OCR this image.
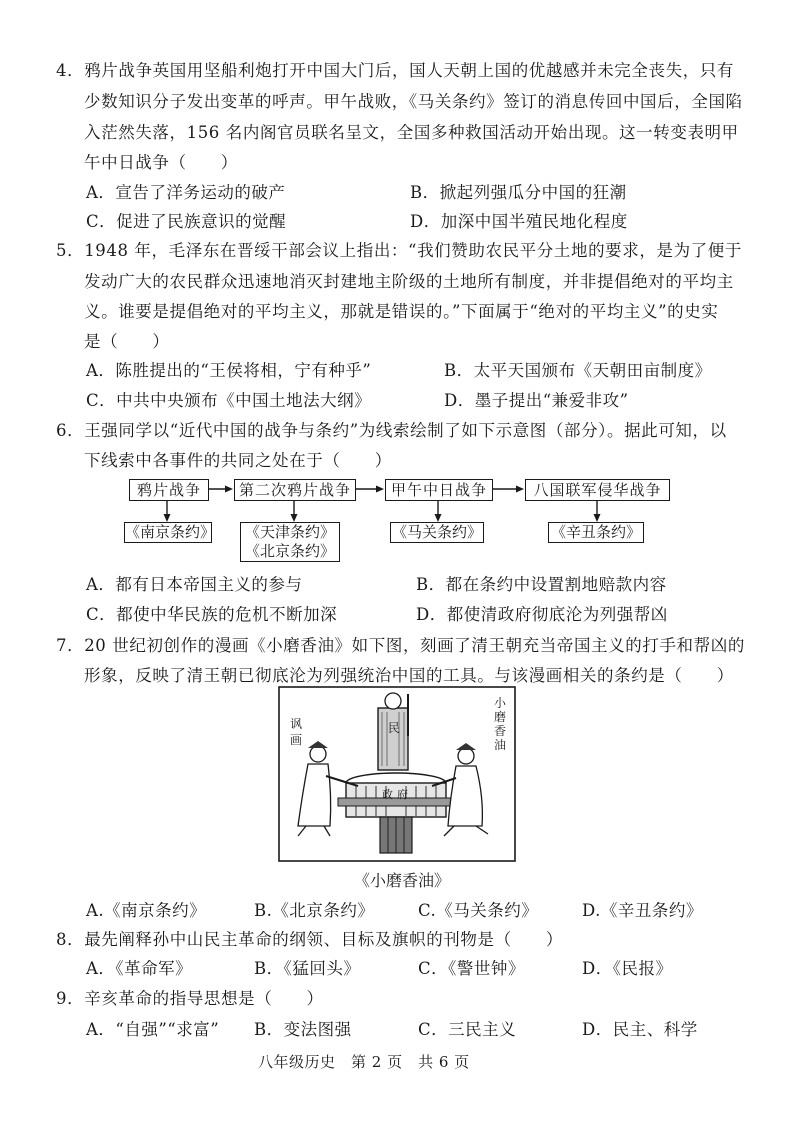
4．鸦片战争英国用坚船利炮打开中国大门后，国人天朝上国的优越感并未完全丧失，只有
少数知识分子发出变革的呼声。甲午战败，《马关条约》签订的消息传回中国后，全国陷
入茫然失落，156 名内阁官员联名呈文，全国多种救国活动开始出现。这一转变表明甲
午中日战争（　　）
A．宣告了洋务运动的破产	B．掀起列强瓜分中国的狂潮
C．促进了民族意识的觉醒	D．加深中国半殖民地化程度
5．1948 年，毛泽东在晋绥干部会议上指出：“我们赞助农民平分土地的要求，是为了便于
发动广大的农民群众迅速地消灭封建地主阶级的土地所有制度，并非提倡绝对的平均主
义。谁要是提倡绝对的平均主义，那就是错误的。”下面属于“绝对的平均主义”的史实
是（　　）
A．陈胜提出的“王侯将相，宁有种乎”	B．太平天国颁布《天朝田亩制度》
C．中共中央颁布《中国土地法大纲》	D．墨子提出“兼爱非攻”
6．王强同学以“近代中国的战争与条约”为线索绘制了如下示意图（部分）。据此可知，以
下线索中各事件的共同之处在于（　　）
鸦片战争	第二次鸦片战争	甲午中日战争	八国联军侵华战争
《南京条约》 《天津条约》
《北京条约》
《马关条约》	《辛丑条约》
A．都有日本帝国主义的参与	B．都在条约中设置割地赔款内容
C．都使中华民族的危机不断加深	D．都使清政府彻底沦为列强帮凶
7．20 世纪初创作的漫画《小磨香油》如下图，刻画了清王朝充当帝国主义的打手和帮凶的
形象，反映了清王朝已彻底沦为列强统治中国的工具。与该漫画相关的条约是（　　）
民
政府
小磨香油
讽画
《小磨香油》
A.《南京条约》	B.《北京条约》	C.《马关条约》	D.《辛丑条约》
8．最先阐释孙中山民主革命的纲领、目标及旗帜的刊物是（　　）
A．《革命军》	B．《猛回头》	C．《警世钟》	D．《民报》
9．辛亥革命的指导思想是（　　）
A．“自强”“求富” B．变法图强	C．三民主义	D．民主、科学
八年级历史　第 2 页　共 6 页
